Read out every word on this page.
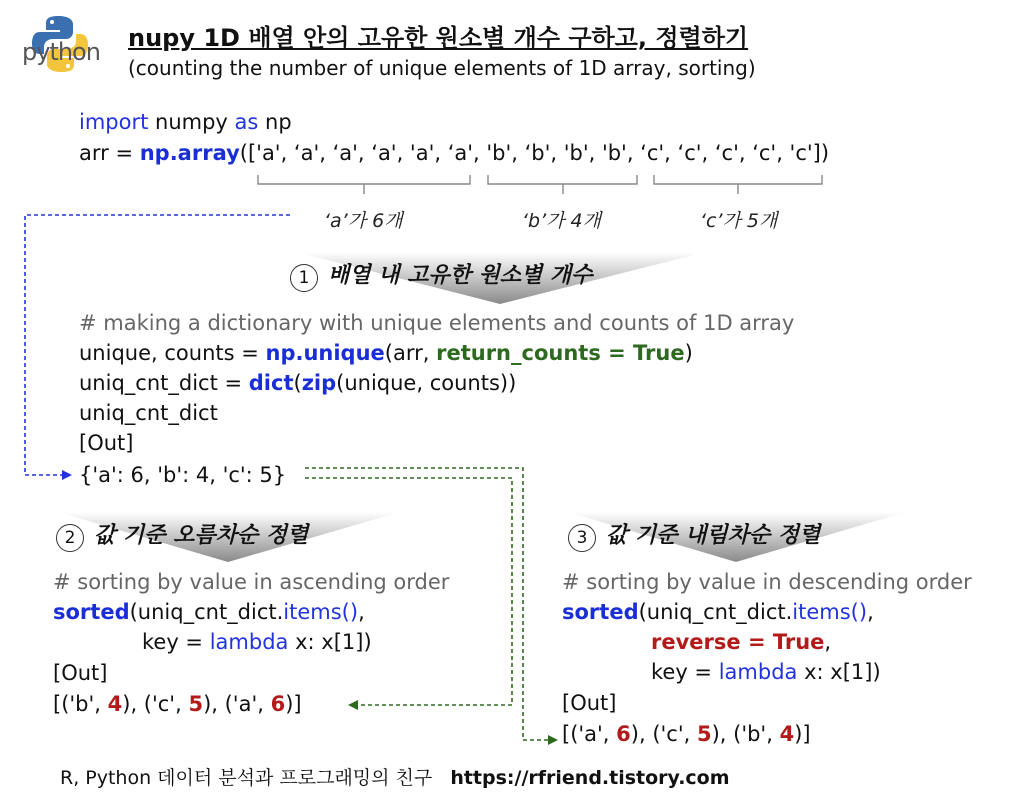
python nupy 1D 배열 안의 고유한 원소별 개수 구하고, 정렬하기
(counting the number of unique elements of 1D array, sorting)
import numpy as np
arr = np.array(['a', ‘a', ‘a', ‘a', 'a', ‘a', 'b', ‘b', 'b', 'b', ‘c', ‘c', ‘c', ‘c', 'c'])
‘a’가 6개	‘b’가 4개	‘c’가 5개
1 배열 내 고유한 원소별 개수
# making a dictionary with unique elements and counts of 1D array
unique, counts = np.unique(arr, return_counts = True)
uniq_cnt_dict = dict(zip(unique, counts))
uniq_cnt_dict
[Out]
{'a': 6, 'b': 4, 'c': 5}
2 값 기준 오름차순 정렬
# sorting by value in ascending order
sorted(uniq_cnt_dict.items(),
key = lambda x: x[1])
[Out]
[('b', 4), ('c', 5), ('a', 6)]
3 값 기준 내림차순 정렬
# sorting by value in descending order
sorted(uniq_cnt_dict.items(),
reverse = True,
key = lambda x: x[1])
[Out]
[('a', 6), ('c', 5), ('b', 4)]
R, Python 데이터 분석과 프로그래밍의 친구 https://rfriend.tistory.com
